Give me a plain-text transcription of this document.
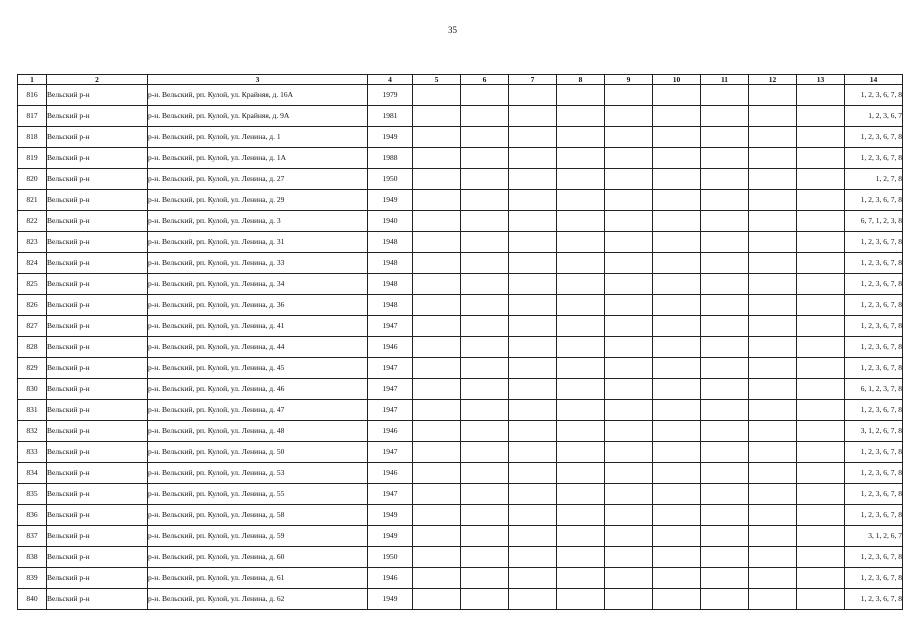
35
1	2	3	4	5	6	7	8	9	10	11	12	13	14
816	Вельский р-н	р-н. Вельский, рп. Кулой, ул. Крайняя, д. 16А	1979										1, 2, 3, 6, 7, 8
817	Вельский р-н	р-н. Вельский, рп. Кулой, ул. Крайняя, д. 9А	1981										1, 2, 3, 6, 7
818	Вельский р-н	р-н. Вельский, рп. Кулой, ул. Ленина, д. 1	1949										1, 2, 3, 6, 7, 8
819	Вельский р-н	р-н. Вельский, рп. Кулой, ул. Ленина, д. 1А	1988										1, 2, 3, 6, 7, 8
820	Вельский р-н	р-н. Вельский, рп. Кулой, ул. Ленина, д. 27	1950										1, 2, 7, 8
821	Вельский р-н	р-н. Вельский, рп. Кулой, ул. Ленина, д. 29	1949										1, 2, 3, 6, 7, 8
822	Вельский р-н	р-н. Вельский, рп. Кулой, ул. Ленина, д. 3	1940										6, 7, 1, 2, 3, 8
823	Вельский р-н	р-н. Вельский, рп. Кулой, ул. Ленина, д. 31	1948										1, 2, 3, 6, 7, 8
824	Вельский р-н	р-н. Вельский, рп. Кулой, ул. Ленина, д. 33	1948										1, 2, 3, 6, 7, 8
825	Вельский р-н	р-н. Вельский, рп. Кулой, ул. Ленина, д. 34	1948										1, 2, 3, 6, 7, 8
826	Вельский р-н	р-н. Вельский, рп. Кулой, ул. Ленина, д. 36	1948										1, 2, 3, 6, 7, 8
827	Вельский р-н	р-н. Вельский, рп. Кулой, ул. Ленина, д. 41	1947										1, 2, 3, 6, 7, 8
828	Вельский р-н	р-н. Вельский, рп. Кулой, ул. Ленина, д. 44	1946										1, 2, 3, 6, 7, 8
829	Вельский р-н	р-н. Вельский, рп. Кулой, ул. Ленина, д. 45	1947										1, 2, 3, 6, 7, 8
830	Вельский р-н	р-н. Вельский, рп. Кулой, ул. Ленина, д. 46	1947										6, 1, 2, 3, 7, 8
831	Вельский р-н	р-н. Вельский, рп. Кулой, ул. Ленина, д. 47	1947										1, 2, 3, 6, 7, 8
832	Вельский р-н	р-н. Вельский, рп. Кулой, ул. Ленина, д. 48	1946										3, 1, 2, 6, 7, 8
833	Вельский р-н	р-н. Вельский, рп. Кулой, ул. Ленина, д. 50	1947										1, 2, 3, 6, 7, 8
834	Вельский р-н	р-н. Вельский, рп. Кулой, ул. Ленина, д. 53	1946										1, 2, 3, 6, 7, 8
835	Вельский р-н	р-н. Вельский, рп. Кулой, ул. Ленина, д. 55	1947										1, 2, 3, 6, 7, 8
836	Вельский р-н	р-н. Вельский, рп. Кулой, ул. Ленина, д. 58	1949										1, 2, 3, 6, 7, 8
837	Вельский р-н	р-н. Вельский, рп. Кулой, ул. Ленина, д. 59	1949										3, 1, 2, 6, 7
838	Вельский р-н	р-н. Вельский, рп. Кулой, ул. Ленина, д. 60	1950										1, 2, 3, 6, 7, 8
839	Вельский р-н	р-н. Вельский, рп. Кулой, ул. Ленина, д. 61	1946										1, 2, 3, 6, 7, 8
840	Вельский р-н	р-н. Вельский, рп. Кулой, ул. Ленина, д. 62	1949										1, 2, 3, 6, 7, 8
